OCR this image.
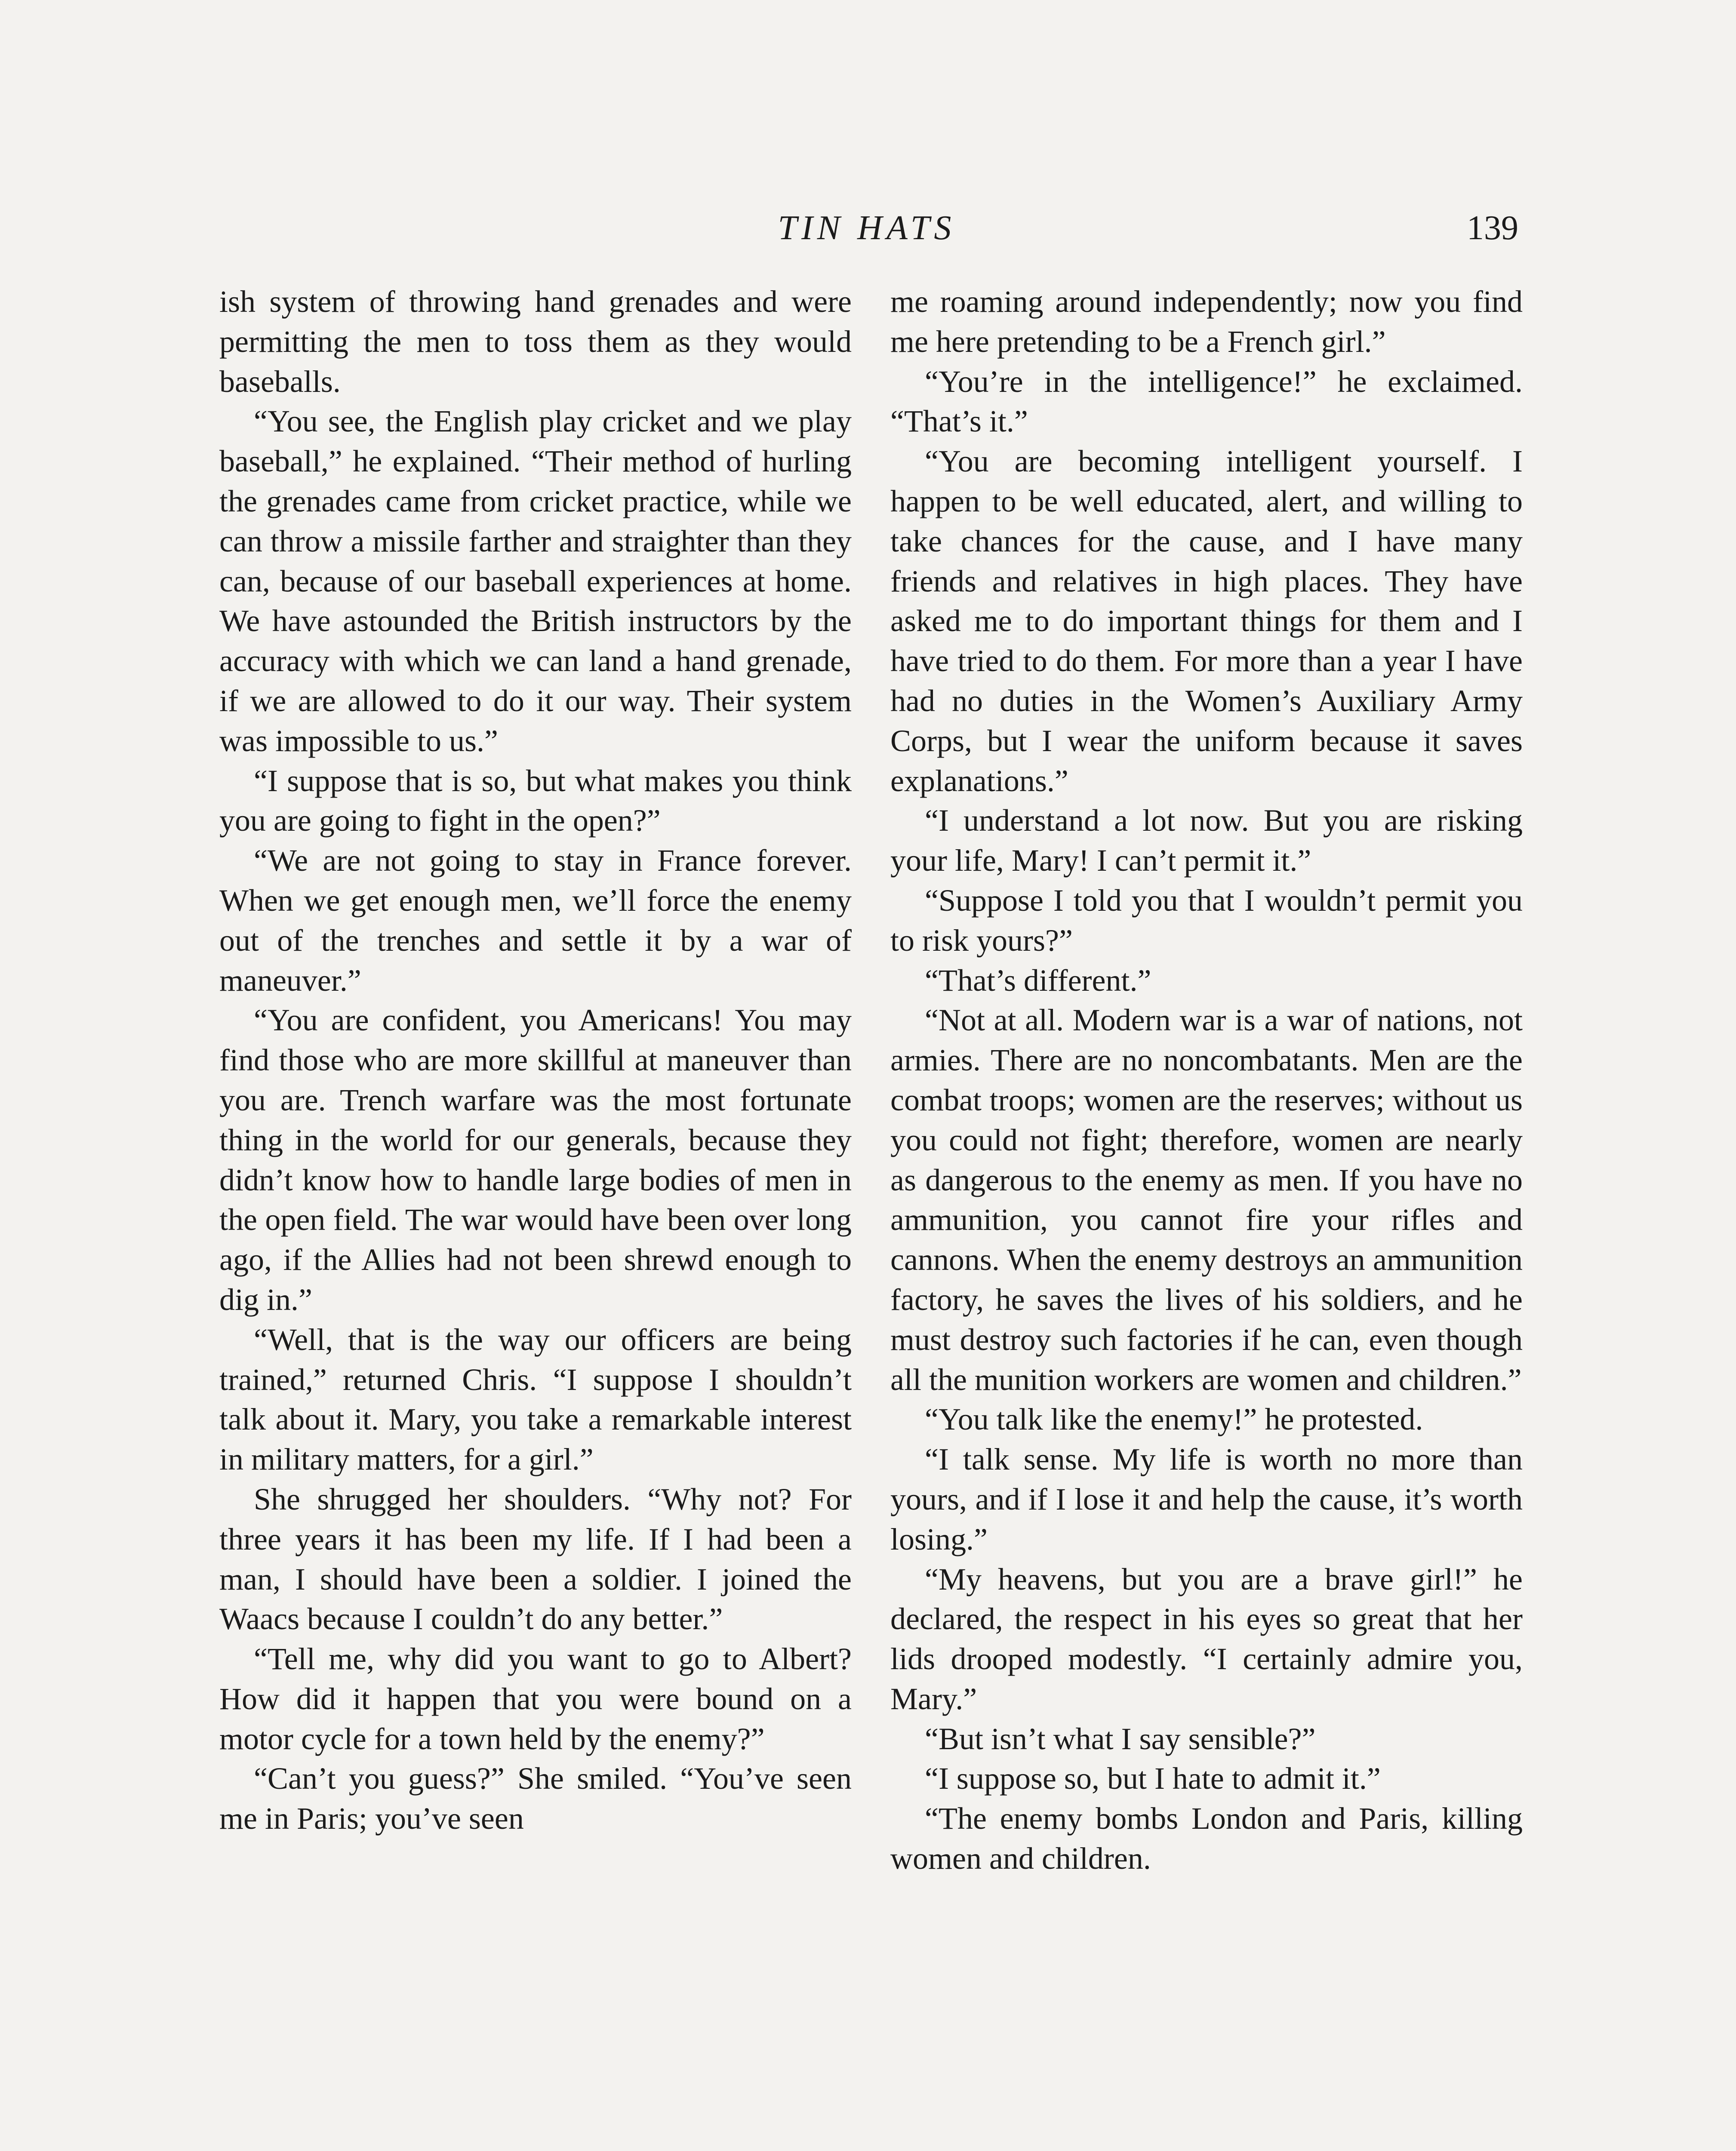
TIN HATS	139

ish system of throwing hand grenades and were permitting the men to toss them as they would baseballs.

“You see, the English play cricket and we play baseball,” he explained. “Their method of hurling the grenades came from cricket practice, while we can throw a missile farther and straighter than they can, because of our baseball experiences at home. We have astounded the British instructors by the accuracy with which we can land a hand grenade, if we are allowed to do it our way. Their system was impossible to us.”

“I suppose that is so, but what makes you think you are going to fight in the open?”

“We are not going to stay in France forever. When we get enough men, we’ll force the enemy out of the trenches and settle it by a war of maneuver.”

“You are confident, you Americans! You may find those who are more skillful at maneuver than you are. Trench warfare was the most fortunate thing in the world for our generals, because they didn’t know how to handle large bodies of men in the open field. The war would have been over long ago, if the Allies had not been shrewd enough to dig in.”

“Well, that is the way our officers are being trained,” returned Chris. “I suppose I shouldn’t talk about it. Mary, you take a remarkable interest in military matters, for a girl.”

She shrugged her shoulders. “Why not? For three years it has been my life. If I had been a man, I should have been a soldier. I joined the Waacs because I couldn’t do any better.”

“Tell me, why did you want to go to Albert? How did it happen that you were bound on a motor cycle for a town held by the enemy?”

“Can’t you guess?” She smiled. “You’ve seen me in Paris; you’ve seen

me roaming around independently; now you find me here pretending to be a French girl.”

“You’re in the intelligence!” he exclaimed. “That’s it.”

“You are becoming intelligent yourself. I happen to be well educated, alert, and willing to take chances for the cause, and I have many friends and relatives in high places. They have asked me to do important things for them and I have tried to do them. For more than a year I have had no duties in the Women’s Auxiliary Army Corps, but I wear the uniform because it saves explanations.”

“I understand a lot now. But you are risking your life, Mary! I can’t permit it.”

“Suppose I told you that I wouldn’t permit you to risk yours?”

“That’s different.”

“Not at all. Modern war is a war of nations, not armies. There are no noncombatants. Men are the combat troops; women are the reserves; without us you could not fight; therefore, women are nearly as dangerous to the enemy as men. If you have no ammunition, you cannot fire your rifles and cannons. When the enemy destroys an ammunition factory, he saves the lives of his soldiers, and he must destroy such factories if he can, even though all the munition workers are women and children.”

“You talk like the enemy!” he protested.

“I talk sense. My life is worth no more than yours, and if I lose it and help the cause, it’s worth losing.”

“My heavens, but you are a brave girl!” he declared, the respect in his eyes so great that her lids drooped modestly. “I certainly admire you, Mary.”

“But isn’t what I say sensible?”

“I suppose so, but I hate to admit it.”

“The enemy bombs London and Paris, killing women and children.
